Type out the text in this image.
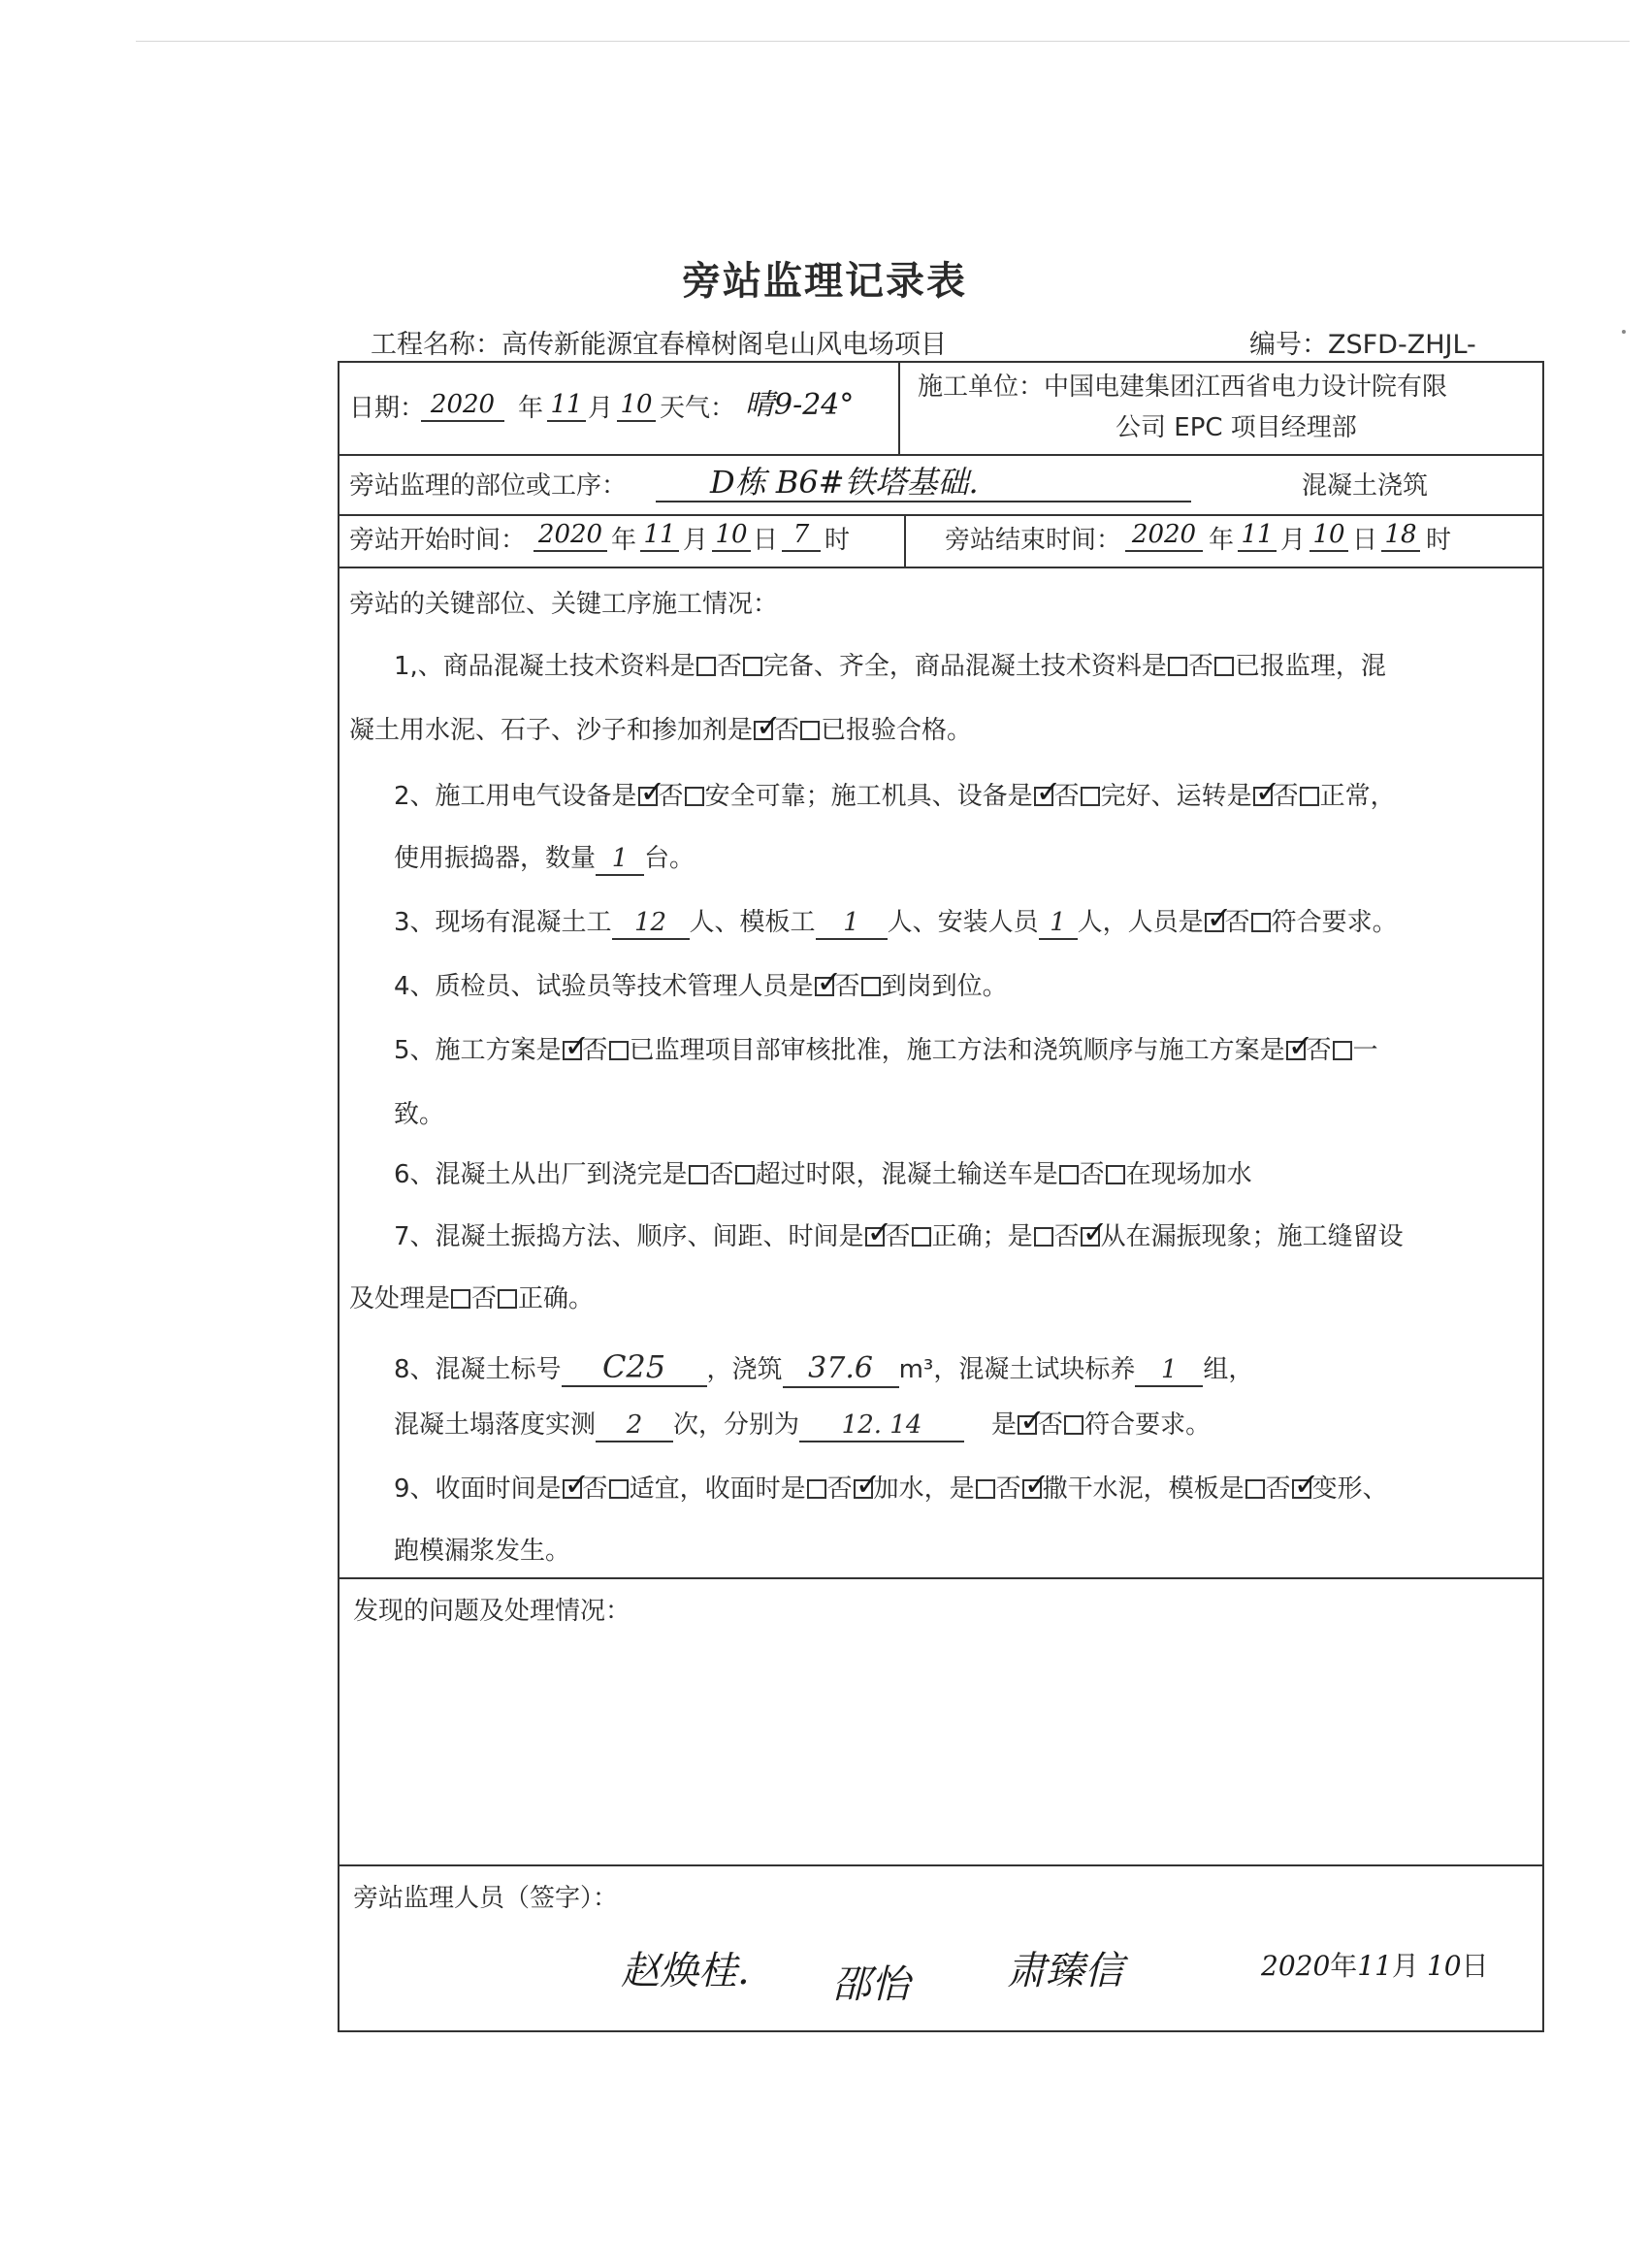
旁站监理记录表
工程名称：高传新能源宜春樟树阁皂山风电场项目	编号：ZSFD-ZHJL-
日期： 2020 年 11 月 10 天气： 晴9-24°
施工单位：中国电建集团江西省电力设计院有限
公司 EPC 项目经理部
旁站监理的部位或工序：	D栋 B6#铁塔基础.	混凝土浇筑
旁站开始时间： 2020 年 11 月 10 日 7 时	旁站结束时间： 2020 年 11 月 10 日 18 时
旁站的关键部位、关键工序施工情况：
1,、商品混凝土技术资料是 否 完备、齐全，商品混凝土技术资料是 否 已报监理，混
凝土用水泥、石子、沙子和掺加剂是 ✓ 否 已报验合格。
2、施工用电气设备是 ✓ 否 安全可靠；施工机具、设备是 ✓ 否 完好、运转是 ✓ 否 正常，
使用振捣器，数量 1 台。
3、现场有混凝土工 12 人、模板工 1 人、安装人员 1 人，人员是 ✓ 否 符合要求。
4、质检员、试验员等技术管理人员是 ✓ 否 到岗到位。
5、施工方案是 ✓ 否 已监理项目部审核批准，施工方法和浇筑顺序与施工方案是 ✓ 否 一
致。
6、混凝土从出厂到浇完是 否 超过时限，混凝土输送车是 否 在现场加水
7、混凝土振捣方法、顺序、间距、时间是 ✓ 否 正确；是 否 ✓ 从在漏振现象；施工缝留设
及处理是 否 正确。
8、混凝土标号 C25 ，浇筑 37.6 m³，混凝土试块标养 1 组，
混凝土塌落度实测 2 次，分别为 12. 14	是 ✓ 否 符合要求。
9、收面时间是 ✓ 否 适宜，收面时是 否 ✓ 加水，是 否 ✓ 撒干水泥，模板是 否 ✓ 变形、
跑模漏浆发生。
发现的问题及处理情况：
旁站监理人员（签字）：
赵焕桂. 邵怡	肃臻信	2020年11月 10日
